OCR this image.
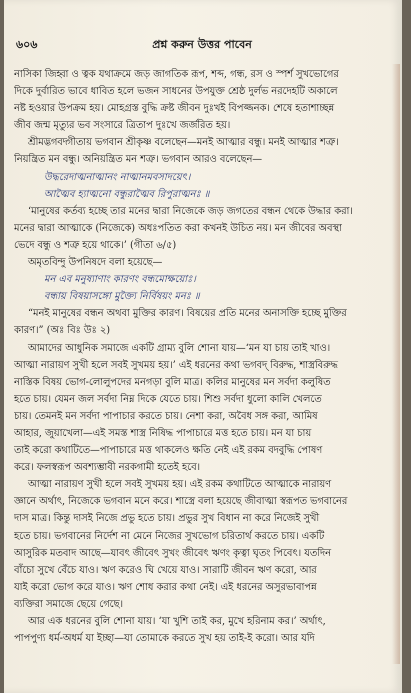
৬০৬	প্রশ্ন করুন উত্তর পাবেন
নাসিকা জিহ্বা ও ত্বক যথাক্রমে জড় জাগতিক রূপ, শব্দ, গন্ধ, রস ও স্পর্শ সুখভোগের
দিকে দুর্বারিত ভাবে ধাবিত হলে ভজন সাধনের উপযুক্ত শ্রেষ্ঠ দুর্লভ নরদেহটি অকালে
নষ্ট হওয়ার উপক্রম হয়। মোহগ্রস্ত বুদ্ধি ক্রষ্ট জীবন দুঃখই বিপজ্জনক। শেষে হতাশাচ্ছন্ন
জীব জন্ম মৃত্যুর ভব সংসারে ত্রিতাপ দুঃখে জর্জরিত হয়।
শ্রীমদ্ভগবদ্গীতায় ভগবান শ্রীকৃষ্ণ বলেছেন—মনই আত্মার বন্ধু। মনই আত্মার শত্রু।
নিয়ন্ত্রিত মন বন্ধু। অনিয়ন্ত্রিত মন শত্রু। ভগবান আরও বলেছেন—
উদ্ধরেদাত্মনাত্মানং নাত্মানমবসাদয়েৎ।
আত্মৈব হ্যাত্মনো বন্ধুরাত্মৈব রিপুরাত্মনঃ ॥
‘মানুষের কর্তব্য হচ্ছে তার মনের দ্বারা নিজেকে জড় জগতের বন্ধন থেকে উদ্ধার করা।
মনের দ্বারা আত্মাকে (নিজেকে) অধঃপতিত করা কখনই উচিত নয়। মন জীবের অবস্থা
ভেদে বন্ধু ও শত্রু হয়ে থাকে।’ (গীতা ৬/৫)
অমৃতবিন্দু উপনিষদে বলা হয়েছে—
মন এব মনুষ্যাণাং কারণং বন্ধমোক্ষয়োঃ।
বন্ধায় বিষয়াসঙ্গো মুক্ত্যৈ নির্বিষয়ং মনঃ ॥
“মনই মানুষের বন্ধন অথবা মুক্তির কারণ। বিষয়ের প্রতি মনের অনাসক্তি হচ্ছে মুক্তির
কারণ।” (অঃ বিঃ উঃ ২)
আমাদের আধুনিক সমাজে একটি গ্রাম্য বুলি শোনা যায়—‘মন যা চায় তাই খাও।
আত্মা নারায়ণ সুখী হলে সবই সুখময় হয়।’ এই ধরনের কথা ভগবদ্ বিরুদ্ধ, শাস্ত্রবিরুদ্ধ
নাস্তিক বিষয় ভোগ-লোলুপদের মনগড়া বুলি মাত্র। কলির মানুষের মন সর্বদা কলুষিত
হতে চায়। যেমন জল সর্বদা নিম্ন দিকে যেতে চায়। শিশু সর্বদা ধুলো কালি খেলতে
চায়। তেমনই মন সর্বদা পাপাচার করতে চায়। নেশা করা, অবৈধ সঙ্গ করা, আমিষ
আহার, জুয়াখেলা—এই সমস্ত শাস্ত্র নিষিদ্ধ পাপাচারে মত্ত হতে চায়। মন যা চায়
তাই করো কথাটিতে—পাপাচারে মত্ত থাকলেও ক্ষতি নেই এই রকম বদবুদ্ধি পোষণ
করে। ফলস্বরূপ অবশ্যম্ভাবী নরকগামী হতেই হবে।
আত্মা নারায়ণ সুখী হলে সবই সুখময় হয়। এই রকম কথাটিতে আত্মাকে নারায়ণ
জ্ঞানে অর্থাৎ, নিজেকে ভগবান মনে করে। শাস্ত্রে বলা হয়েছে জীবাত্মা স্বরূপত ভগবানের
দাস মাত্র। কিন্তু দাসই নিজে প্রভু হতে চায়। প্রভুর সুখ বিধান না করে নিজেই সুখী
হতে চায়। ভগবানের নির্দেশ না মেনে নিজের সুখভোগ চরিতার্থ করতে চায়। একটি
আসুরিক মতবাদ আছে—যাবৎ জীবেৎ সুখং জীবেৎ ঋণং কৃত্বা ঘৃতং পিবেৎ। যতদিন
বাঁচো সুখে বেঁচে যাও। ঋণ করেও ঘি খেয়ে যাও। সারাটি জীবন ঋণ করো, আর
যাই করো ভোগ করে যাও। ঋণ শোধ করার কথা নেই। এই ধরনের অসুরভাবাপন্ন
ব্যক্তিরা সমাজে ছেয়ে গেছে।
আর এক ধরনের বুলি শোনা যায়। ‘যা খুশি তাই কর, মুখে হরিনাম কর।’ অর্থাৎ,
পাপপুণ্য ধর্ম-অধর্ম যা ইচ্ছা—যা তোমাকে করতে সুখ হয় তাই-ই করো। আর যদি
